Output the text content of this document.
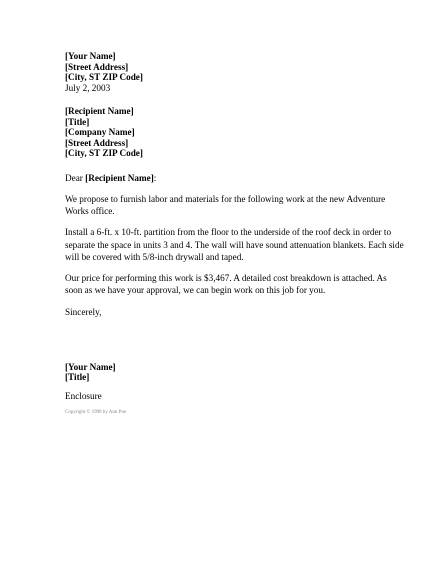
[Your Name]
[Street Address]
[City, ST ZIP Code]
July 2, 2003
[Recipient Name]
[Title]
[Company Name]
[Street Address]
[City, ST ZIP Code]
Dear [Recipient Name]:
We propose to furnish labor and materials for the following work at the new Adventure Works office.
Install a 6-ft. x 10-ft. partition from the floor to the underside of the roof deck in order to separate the space in units 3 and 4. The wall will have sound attenuation blankets. Each side will be covered with 5/8-inch drywall and taped.
Our price for performing this work is $3,467. A detailed cost breakdown is attached. As soon as we have your approval, we can begin work on this job for you.
Sincerely,
[Your Name]
[Title]
Enclosure
Copyright © 1998 by Ann Poe
